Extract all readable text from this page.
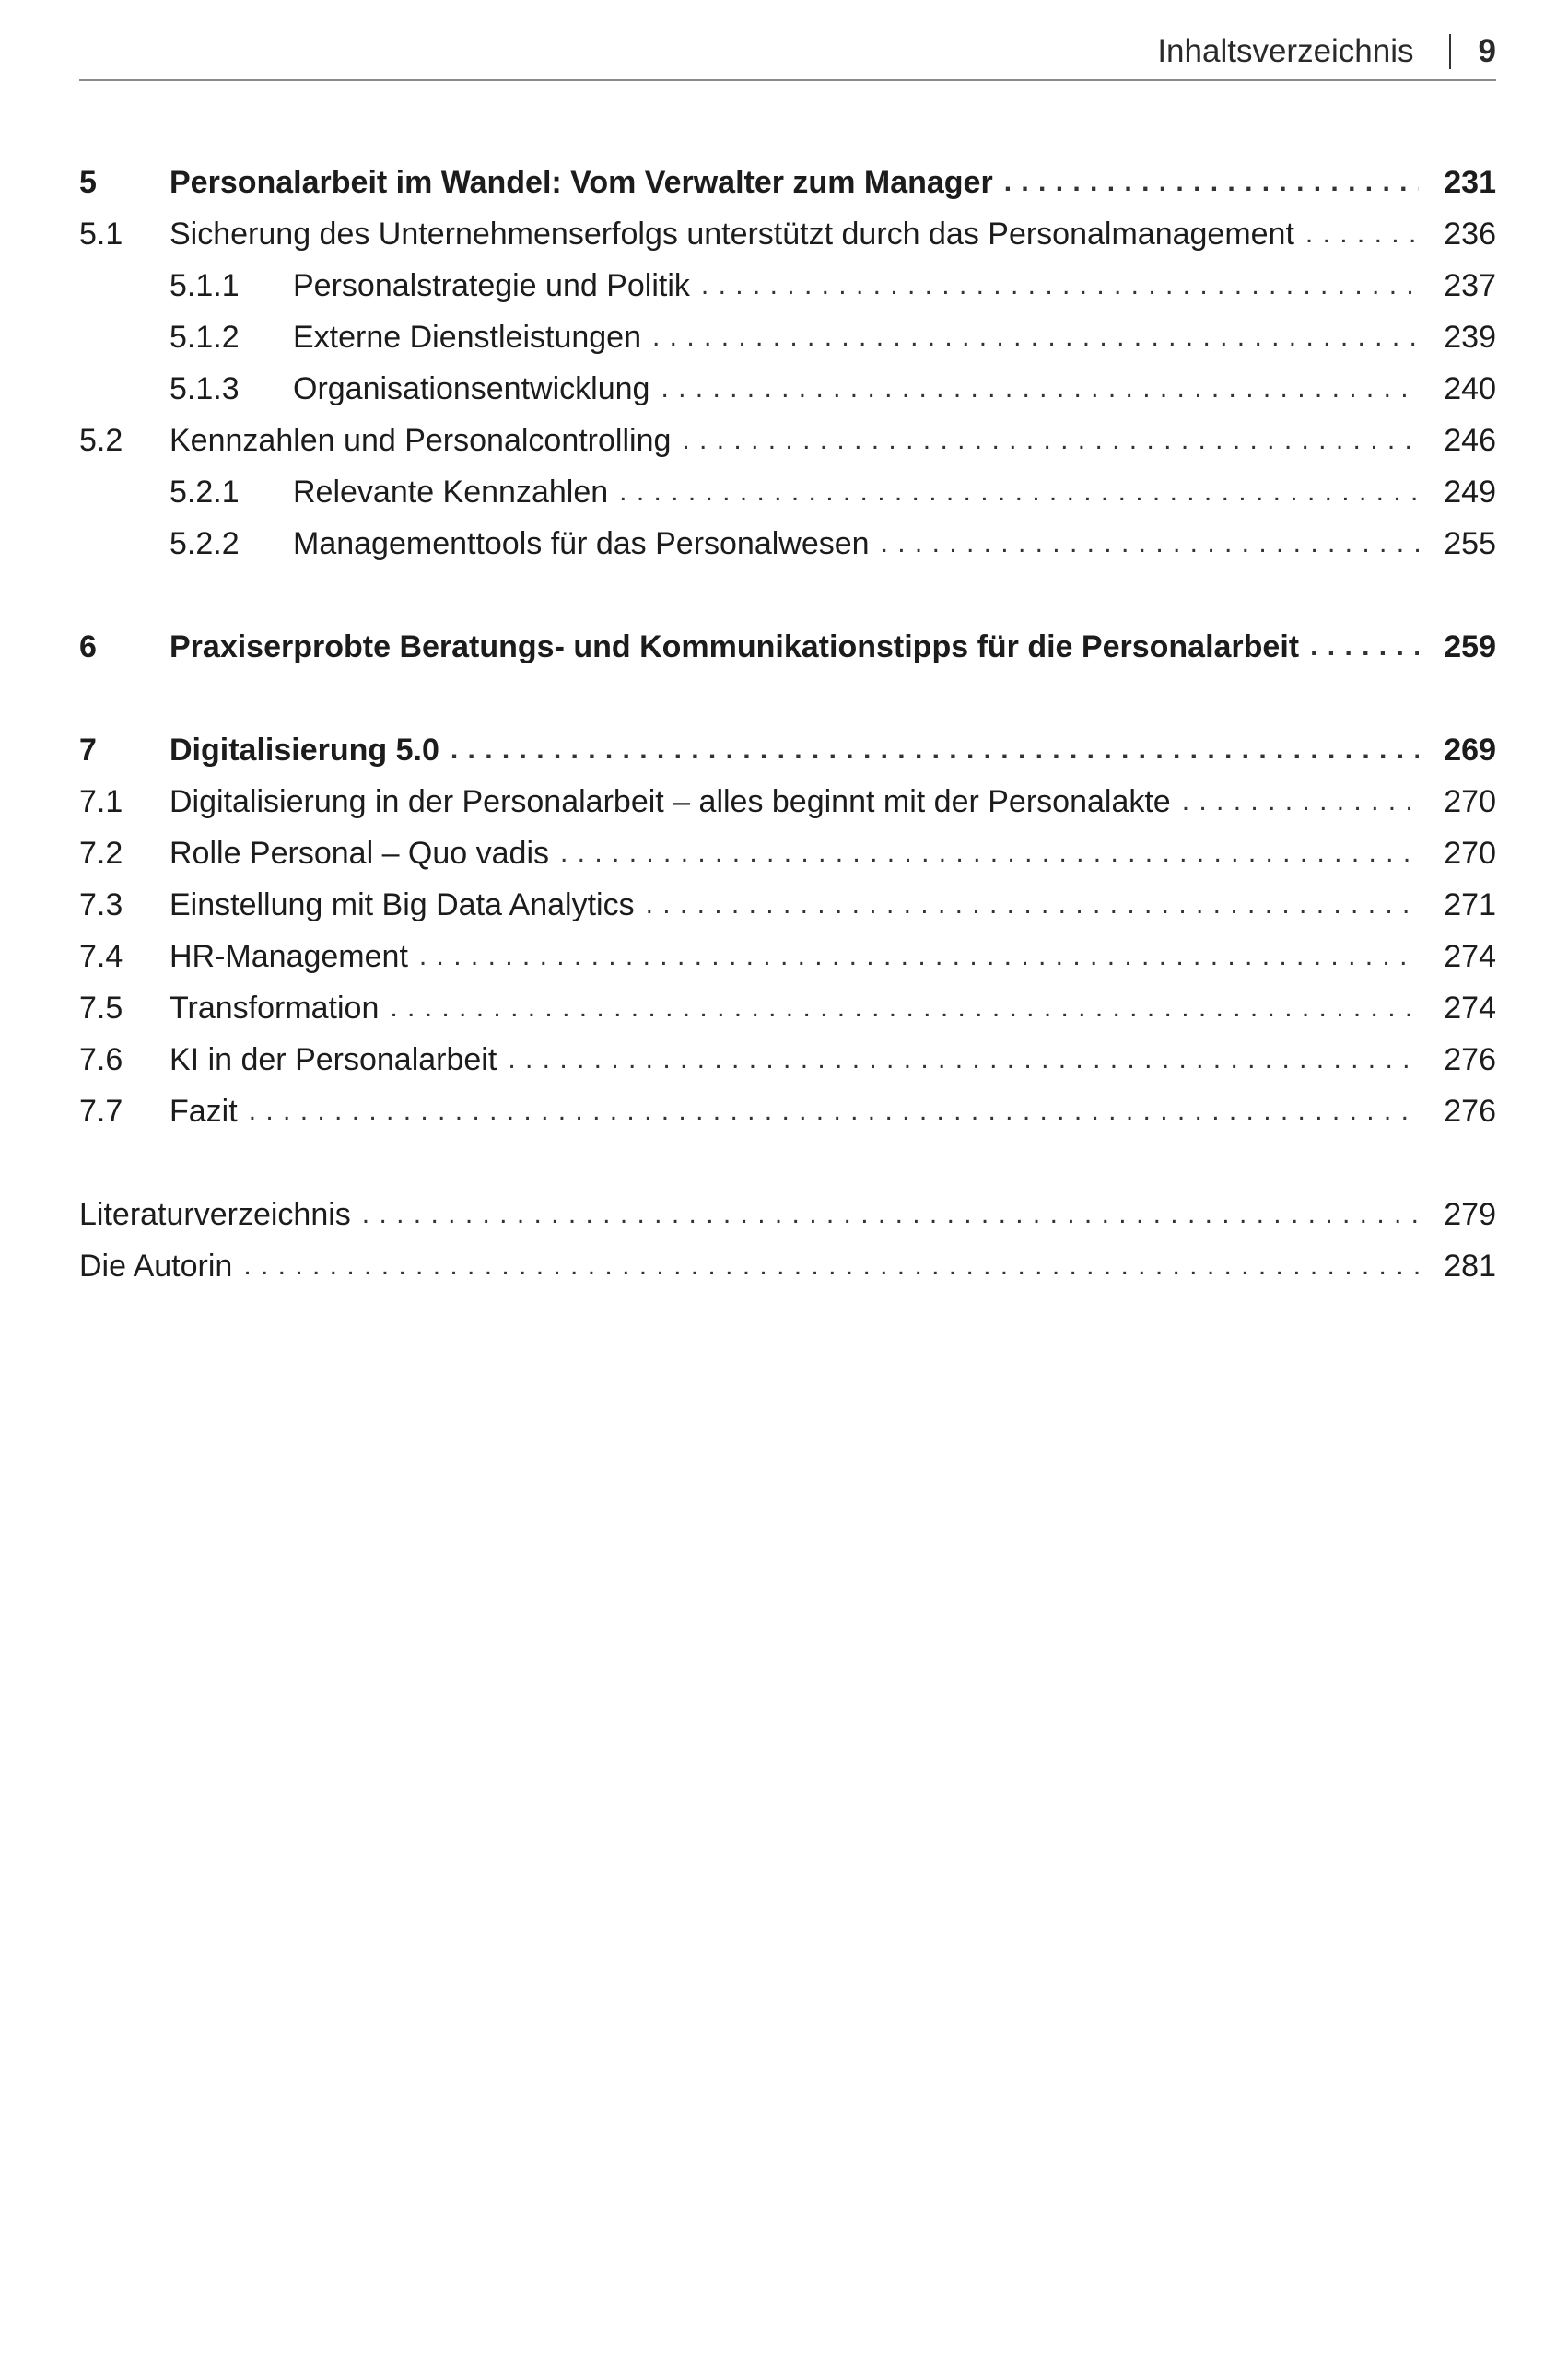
Inhaltsverzeichnis 9
5	Personalarbeit im Wandel: Vom Verwalter zum Manager . . .	231
5.1	Sicherung des Unternehmenserfolgs unterstützt durch das Personalmanagement . . .	236
5.1.1	Personalstrategie und Politik . . .	237
5.1.2	Externe Dienstleistungen . . .	239
5.1.3	Organisationsentwicklung . . .	240
5.2	Kennzahlen und Personalcontrolling . . .	246
5.2.1	Relevante Kennzahlen . . .	249
5.2.2	Managementtools für das Personalwesen . . .	255
6	Praxiserprobte Beratungs- und Kommunikationstipps für die Personalarbeit . . .	259
7	Digitalisierung 5.0 . . .	269
7.1	Digitalisierung in der Personalarbeit – alles beginnt mit der Personalakte . . .	270
7.2	Rolle Personal – Quo vadis . . .	270
7.3	Einstellung mit Big Data Analytics . . .	271
7.4	HR-Management . . .	274
7.5	Transformation . . .	274
7.6	KI in der Personalarbeit . . .	276
7.7	Fazit . . .	276
Literaturverzeichnis . . .	279
Die Autorin . . .	281
